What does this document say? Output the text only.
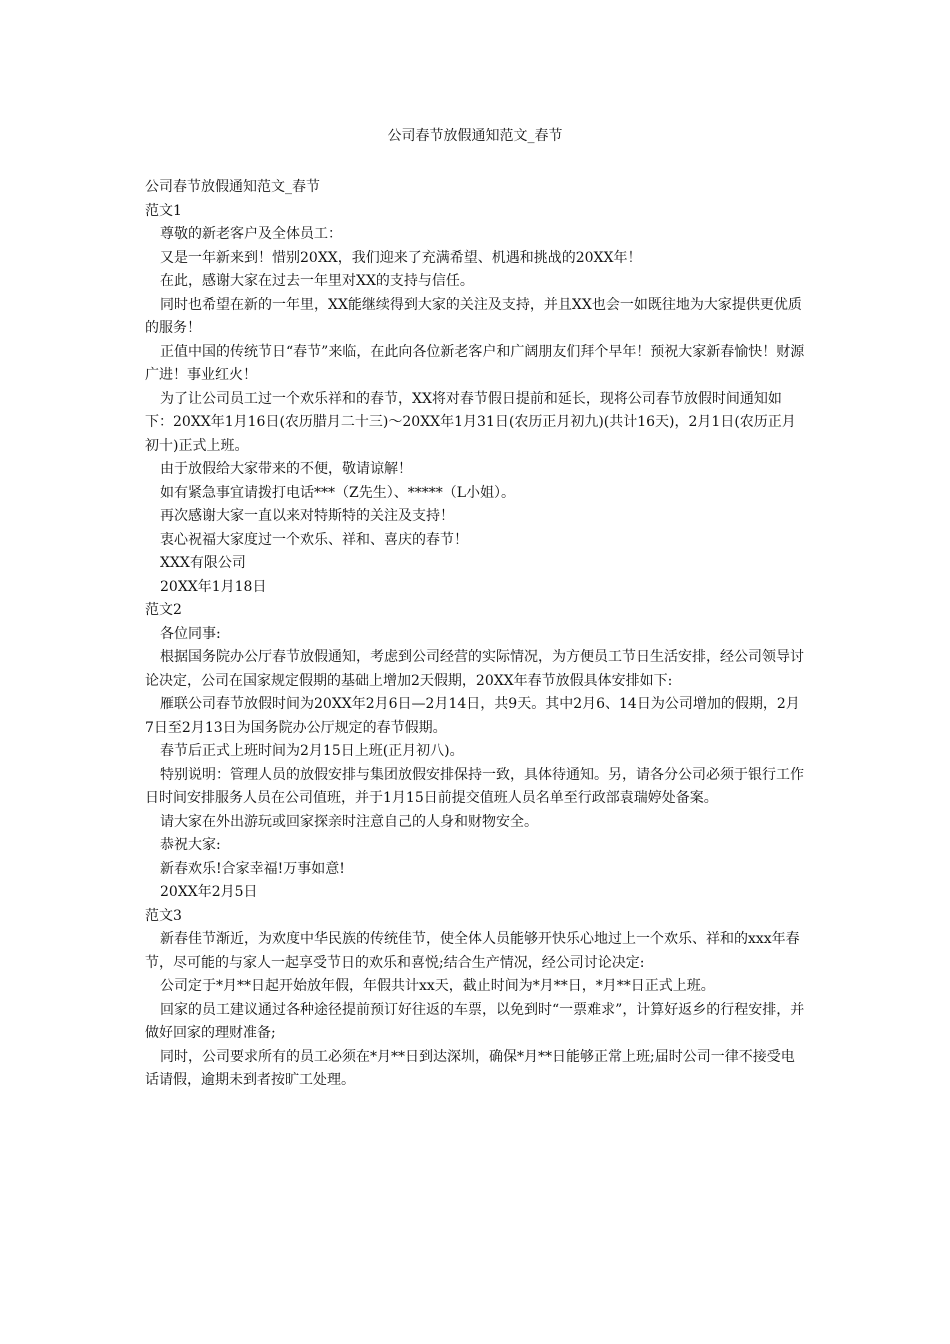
公司春节放假通知范文_春节

公司春节放假通知范文_春节

范文1

尊敬的新老客户及全体员工：

又是一年新来到！惜别20XX，我们迎来了充满希望、机遇和挑战的20XX年！

在此，感谢大家在过去一年里对XX的支持与信任。

同时也希望在新的一年里，XX能继续得到大家的关注及支持，并且XX也会一如既往地为大家提供更优质的服务！

正值中国的传统节日“春节”来临，在此向各位新老客户和广阔朋友们拜个早年！预祝大家新春愉快！财源广进！事业红火！

为了让公司员工过一个欢乐祥和的春节，XX将对春节假日提前和延长，现将公司春节放假时间通知如下：20XX年1月16日(农历腊月二十三)～20XX年1月31日(农历正月初九)(共计16天)，2月1日(农历正月初十)正式上班。

由于放假给大家带来的不便，敬请谅解！

如有紧急事宜请拨打电话***（Z先生）、*****（L小姐）。

再次感谢大家一直以来对特斯特的关注及支持！

衷心祝福大家度过一个欢乐、祥和、喜庆的春节！

XXX有限公司

20XX年1月18日

范文2

各位同事:

根据国务院办公厅春节放假通知，考虑到公司经营的实际情况，为方便员工节日生活安排，经公司领导讨论决定，公司在国家规定假期的基础上增加2天假期，20XX年春节放假具体安排如下:

雁联公司春节放假时间为20XX年2月6日—2月14日，共9天。其中2月6、14日为公司增加的假期，2月7日至2月13日为国务院办公厅规定的春节假期。

春节后正式上班时间为2月15日上班(正月初八)。

特别说明：管理人员的放假安排与集团放假安排保持一致，具体待通知。另，请各分公司必须于银行工作日时间安排服务人员在公司值班，并于1月15日前提交值班人员名单至行政部袁瑞婷处备案。

请大家在外出游玩或回家探亲时注意自己的人身和财物安全。

恭祝大家:

新春欢乐!合家幸福!万事如意!

20XX年2月5日

范文3

新春佳节渐近，为欢度中华民族的传统佳节，使全体人员能够开快乐心地过上一个欢乐、祥和的xxx年春节，尽可能的与家人一起享受节日的欢乐和喜悦;结合生产情况，经公司讨论决定:

公司定于*月**日起开始放年假，年假共计xx天，截止时间为*月**日，*月**日正式上班。

回家的员工建议通过各种途径提前预订好往返的车票，以免到时“一票难求”，计算好返乡的行程安排，并做好回家的理财准备;

同时，公司要求所有的员工必须在*月**日到达深圳，确保*月**日能够正常上班;届时公司一律不接受电话请假，逾期未到者按旷工处理。
